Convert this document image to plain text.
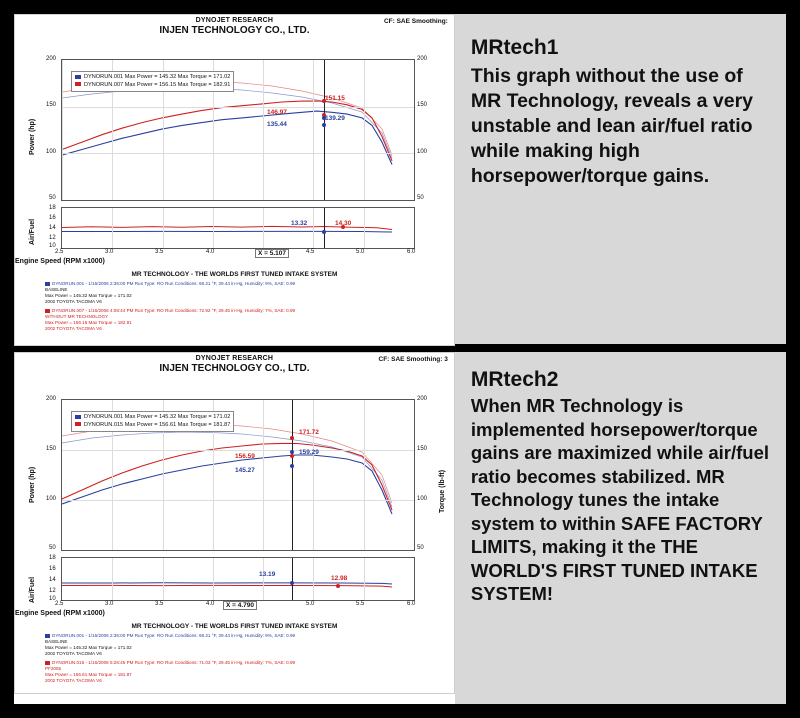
DYNOJET RESEARCH
INJEN TECHNOLOGY CO., LTD.
CF: SAE Smoothing:
Power (hp)
Air/Fuel
151.15
146.97
139.29
135.44
DYNORUN.001 Max Power = 145.32 Max Torque = 171.02
DYNORUN.007 Max Power = 156.15 Max Torque = 182.91
200
150
100
50
200
150
100
50
13.32	14.30
18
16
14
12
10
X = 5.107
2.5	3.0	3.5	4.0	4.5	5.0	6.0
Engine Speed (RPM x1000)
MR TECHNOLOGY - THE WORLDS FIRST TUNED INTAKE SYSTEM
DYNORUN.001 - 1/16/2006 2:36:00 PM Run Type: RO Run Conditions: 69.21 °F, 29.44 in-Hg, Humidity: 9%, SAE: 0.99
BASELINE
Max Power = 145.32 Max Torque = 171.02
2002 TOYOTA TACOMA V6
DYNORUN.007 - 1/16/2006 4:08:44 PM Run Type: RO Run Conditions: 72.92 °F, 29.45 in-Hg, Humidity: 7%, SAE: 0.99
WITHOUT MR TECHNOLOGY
Max Power = 156.15 Max Torque = 182.91
2002 TOYOTA TACOMA V6
MRtech1
This graph without the use of MR Technology, reveals a very unstable and lean air/fuel ratio while making high horsepower/torque gains.
DYNOJET RESEARCH
INJEN TECHNOLOGY CO., LTD.
CF: SAE Smoothing: 3
Power (hp)
Air/Fuel
Torque (lb-ft)
171.72
159.29
156.59
145.27
DYNORUN.001 Max Power = 145.32 Max Torque = 171.02
DYNORUN.015 Max Power = 156.61 Max Torque = 181.87
200
150
100
50
200
150
100
50
13.19
12.98
18
16
14
12
10
X = 4.790
2.5	3.0	3.5	4.0	5.0	5.5	6.0
Engine Speed (RPM x1000)
MR TECHNOLOGY - THE WORLDS FIRST TUNED INTAKE SYSTEM
DYNORUN.001 - 1/16/2006 2:36:00 PM Run Type: RO Run Conditions: 69.21 °F, 29.44 in-Hg, Humidity: 9%, SAE: 0.99
BASELINE
Max Power = 145.32 Max Torque = 171.02
2002 TOYOTA TACOMA V6
DYNORUN.015 - 1/16/2006 5:26:45 PM Run Type: RO Run Conditions: 71.03 °F, 29.45 in-Hg, Humidity: 7%, SAE: 0.99
PF2055
Max Power = 156.61 Max Torque = 181.87
2002 TOYOTA TACOMA V6
MRtech2
When MR Technology is implemented horsepower/torque gains are maximized while air/fuel ratio becomes stabilized. MR Technology tunes the intake system to within SAFE FACTORY LIMITS, making it the THE WORLD'S FIRST TUNED INTAKE SYSTEM!
